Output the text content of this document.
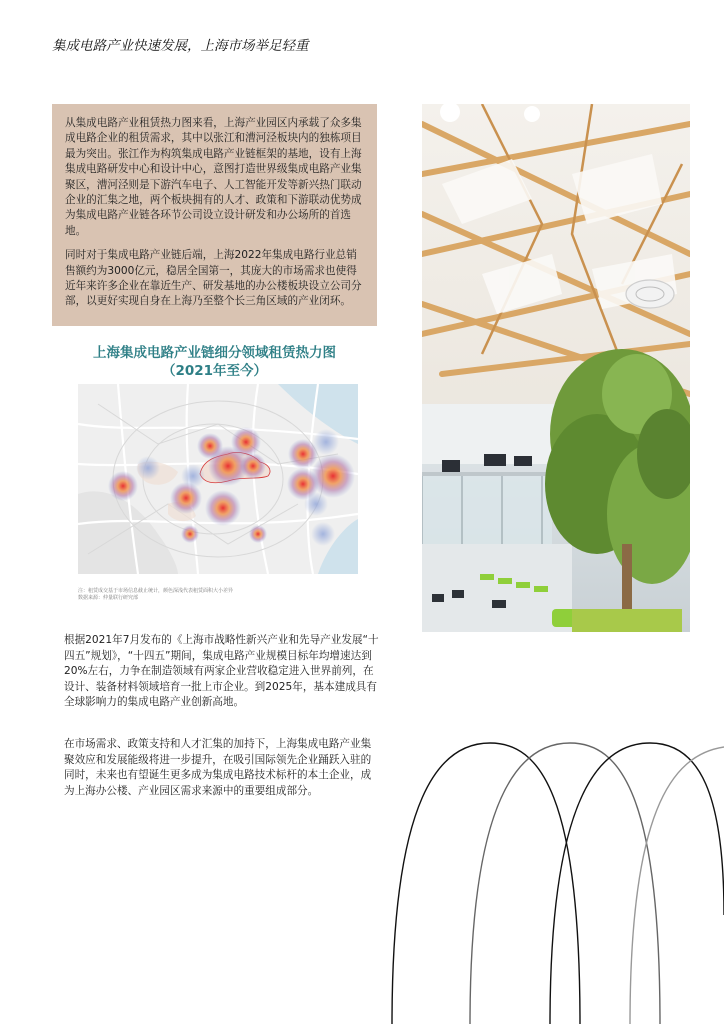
集成电路产业快速发展，上海市场举足轻重

从集成电路产业租赁热力图来看，上海产业园区内承载了众多集成电路企业的租赁需求，其中以张江和漕河泾板块内的独栋项目最为突出。张江作为构筑集成电路产业链框架的基地，设有上海集成电路研发中心和设计中心，意图打造世界级集成电路产业集聚区，漕河泾则是下游汽车电子、人工智能开发等新兴热门联动企业的汇集之地，两个板块拥有的人才、政策和下游联动优势成为集成电路产业链各环节公司设立设计研发和办公场所的首选地。

同时对于集成电路产业链后端，上海2022年集成电路行业总销售额约为3000亿元，稳居全国第一，其庞大的市场需求也使得近年来许多企业在靠近生产、研发基地的办公楼板块设立公司分部，以更好实现自身在上海乃至整个长三角区域的产业闭环。

上海集成电路产业链细分领域租赁热力图
（2021年至今）
注：租赁成交基于市场信息截止统计，颜色深浅代表租赁面积大小差异
数据来源：仲量联行研究部

根据2021年7月发布的《上海市战略性新兴产业和先导产业发展“十四五”规划》，“十四五”期间，集成电路产业规模目标年均增速达到20%左右，力争在制造领域有两家企业营收稳定进入世界前列，在设计、装备材料领域培育一批上市企业。到2025年，基本建成具有全球影响力的集成电路产业创新高地。

在市场需求、政策支持和人才汇集的加持下，上海集成电路产业集聚效应和发展能级将进一步提升，在吸引国际领先企业踊跃入驻的同时，未来也有望诞生更多成为集成电路技术标杆的本土企业，成为上海办公楼、产业园区需求来源中的重要组成部分。
